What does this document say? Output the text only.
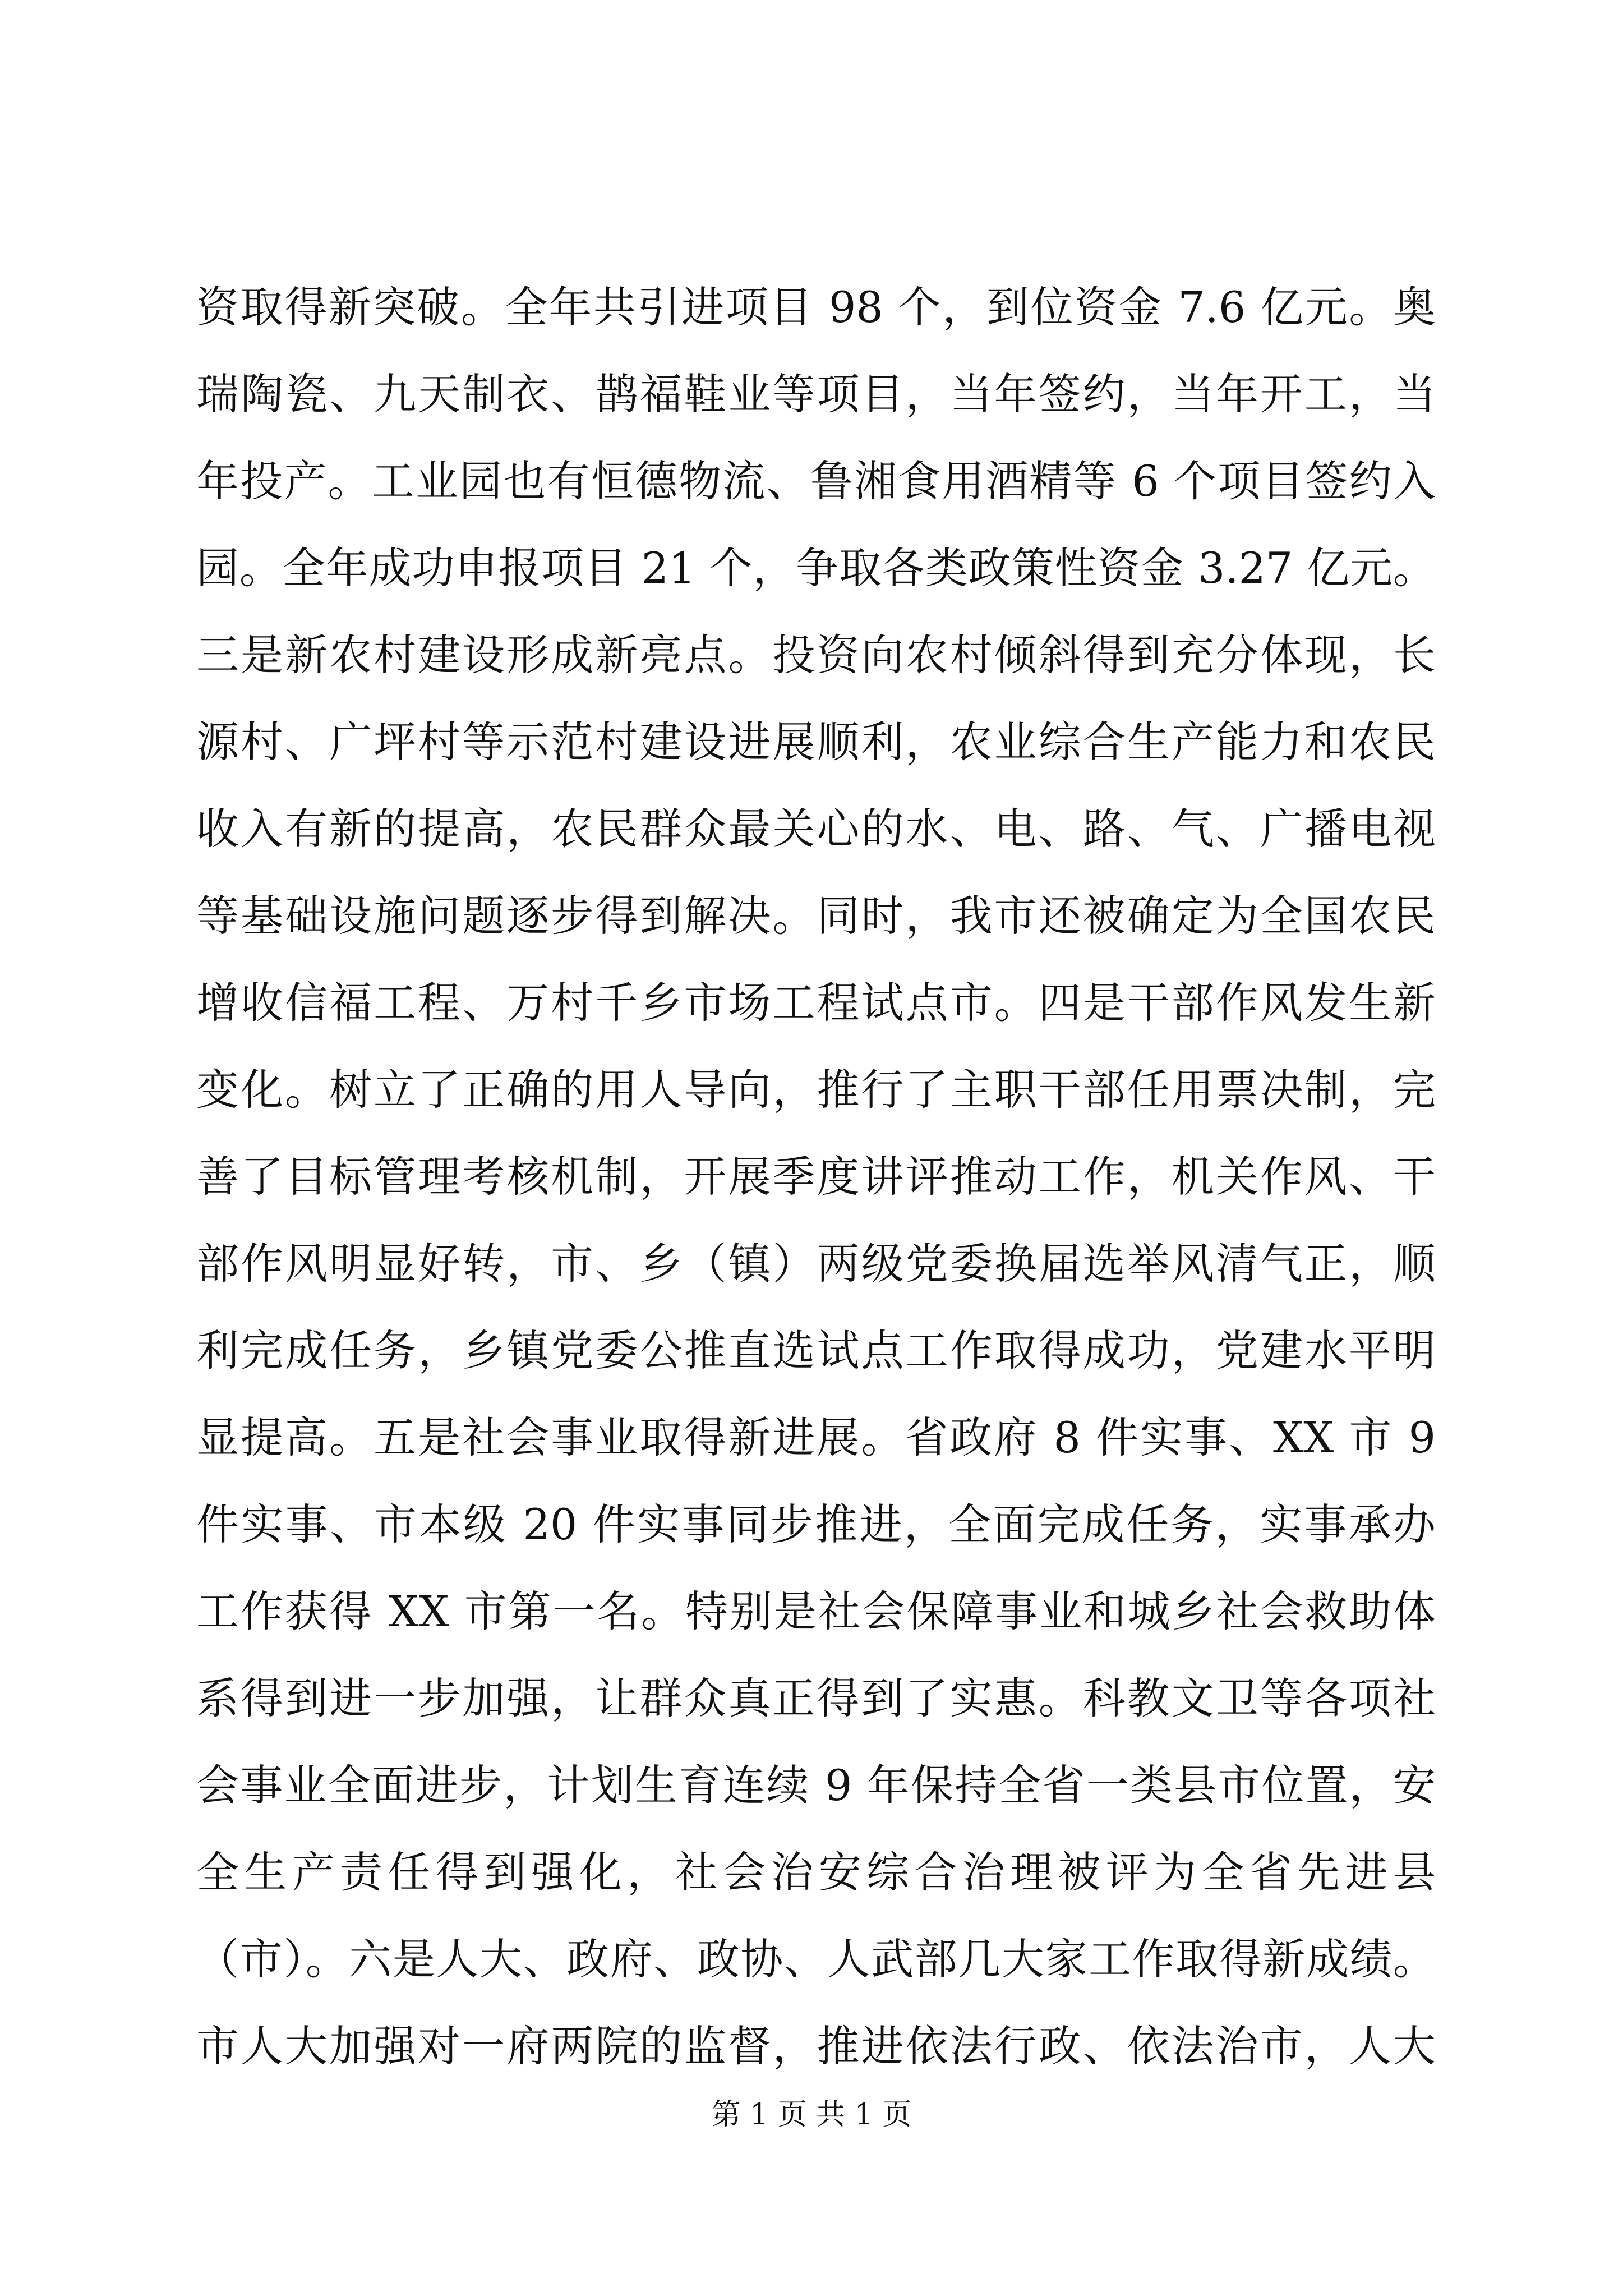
资取得新突破。全年共引进项目 98 个，到位资金 7.6 亿元。奥
瑞陶瓷、九天制衣、鹊福鞋业等项目，当年签约，当年开工，当
年投产。工业园也有恒德物流、鲁湘食用酒精等 6 个项目签约入
园。全年成功申报项目 21 个，争取各类政策性资金 3.27 亿元。
三是新农村建设形成新亮点。投资向农村倾斜得到充分体现，长
源村、广坪村等示范村建设进展顺利，农业综合生产能力和农民
收入有新的提高，农民群众最关心的水、电、路、气、广播电视
等基础设施问题逐步得到解决。同时，我市还被确定为全国农民
增收信福工程、万村千乡市场工程试点市。四是干部作风发生新
变化。树立了正确的用人导向，推行了主职干部任用票决制，完
善了目标管理考核机制，开展季度讲评推动工作，机关作风、干
部作风明显好转，市、乡（镇）两级党委换届选举风清气正，顺
利完成任务，乡镇党委公推直选试点工作取得成功，党建水平明
显提高。五是社会事业取得新进展。省政府 8 件实事、XX 市 9
件实事、市本级 20 件实事同步推进，全面完成任务，实事承办
工作获得 XX 市第一名。特别是社会保障事业和城乡社会救助体
系得到进一步加强，让群众真正得到了实惠。科教文卫等各项社
会事业全面进步，计划生育连续 9 年保持全省一类县市位置，安
全生产责任得到强化，社会治安综合治理被评为全省先进县
（市）。六是人大、政府、政协、人武部几大家工作取得新成绩。
市人大加强对一府两院的监督，推进依法行政、依法治市，人大
第 1 页 共 1 页
